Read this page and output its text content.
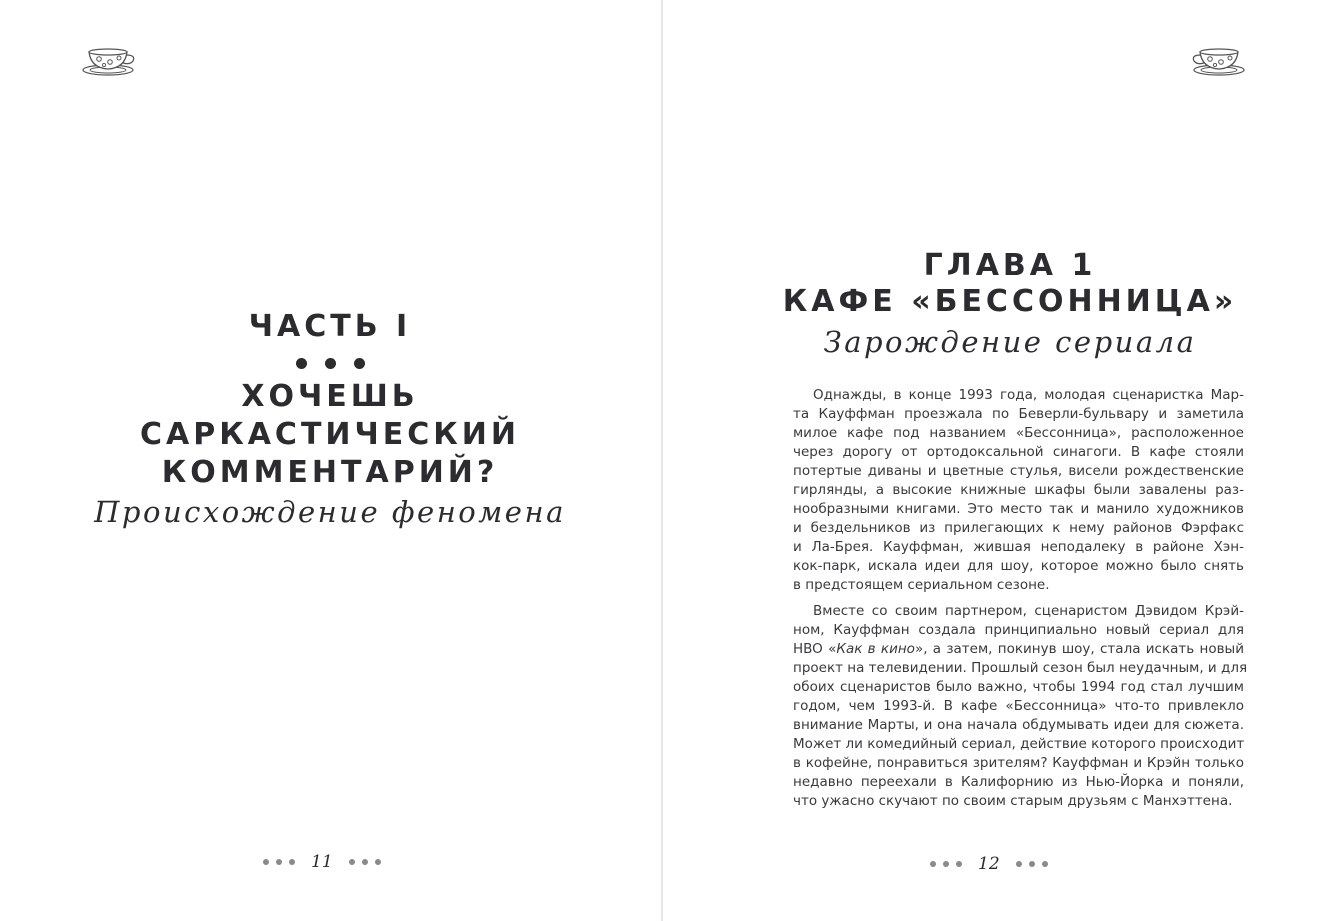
ЧАСТЬ I
ХОЧЕШЬ
САРКАСТИЧЕСКИЙ
КОММЕНТАРИЙ?
Происхождение феномена
11
ГЛАВА 1
КАФЕ «БЕССОННИЦА»
Зарождение сериала

Однажды, в конце 1993 года, молодая сценаристка Мар-
та Кауффман проезжала по Беверли-бульвару и заметила
милое кафе под названием «Бессонница», расположенное
через дорогу от ортодоксальной синагоги. В кафе стояли
потертые диваны и цветные стулья, висели рождественские
гирлянды, а высокие книжные шкафы были завалены раз-
нообразными книгами. Это место так и манило художников
и бездельников из прилегающих к нему районов Фэрфакс
и Ла-Брея. Кауффман, жившая неподалеку в районе Хэн-
кок-парк, искала идеи для шоу, которое можно было снять
в предстоящем сериальном сезоне.

Вместе со своим партнером, сценаристом Дэвидом Крэй-
ном, Кауффман создала принципиально новый сериал для
HBO «Как в кино», а затем, покинув шоу, стала искать новый
проект на телевидении. Прошлый сезон был неудачным, и для
обоих сценаристов было важно, чтобы 1994 год стал лучшим
годом, чем 1993-й. В кафе «Бессонница» что-то привлекло
внимание Марты, и она начала обдумывать идеи для сюжета.
Может ли комедийный сериал, действие которого происходит
в кофейне, понравиться зрителям? Кауффман и Крэйн только
недавно переехали в Калифорнию из Нью-Йорка и поняли,
что ужасно скучают по своим старым друзьям с Манхэттена.

12
